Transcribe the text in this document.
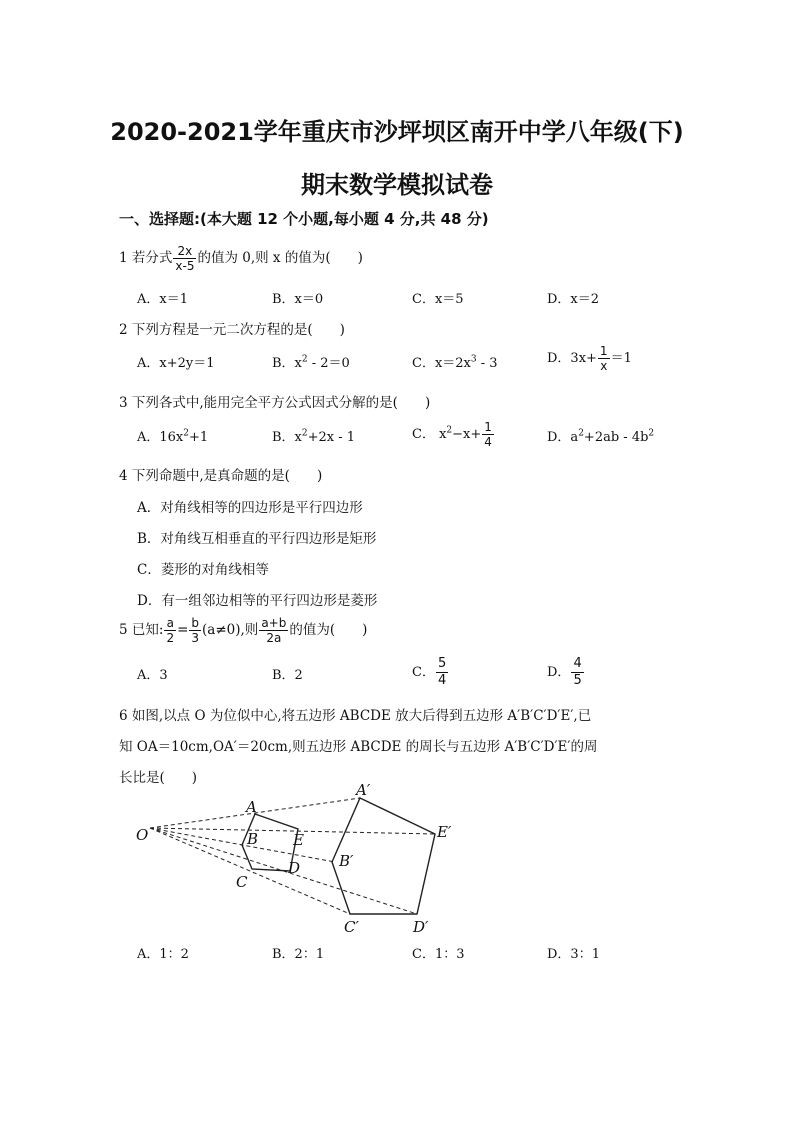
2020-2021学年重庆市沙坪坝区南开中学八年级(下)
期末数学模拟试卷
一、选择题:(本大题 12 个小题,每小题 4 分,共 48 分)
1 若分式 $\frac{2x}{x-5}$ 的值为 0,则 x 的值为(　　)
A．x＝1	B．x＝0	C．x＝5	D．x＝2
2 下列方程是一元二次方程的是(　　)
A．x+2y＝1	B．$x^2 - 2=0$	C．$x=2x^3 - 3$	D．$3x+ \frac{1}{x} =1$
3 下列各式中,能用完全平方公式因式分解的是(　　)
A．$16x^2+1$	B．$x^2+2x - 1$	C． $x^2-x+ \frac{1}{4}$	D．$a^2+2ab - 4b^2$
4 下列命题中,是真命题的是(　　)
A．对角线相等的四边形是平行四边形
B．对角线互相垂直的平行四边形是矩形
C．菱形的对角线相等
D．有一组邻边相等的平行四边形是菱形
5 已知: $\frac{a}{2} = \frac{b}{3} (a\ne 0)$,则 $\frac{a+b}{2a}$ 的值为(　　)
A．3	B．2	C． $\frac{5}{4}$	D． $\frac{4}{5}$
6 如图,以点 O 为位似中心,将五边形 ABCDE 放大后得到五边形 A′B′C′D′E′,已
知 OA＝10cm,OA′＝20cm,则五边形 ABCDE 的周长与五边形 A′B′C′D′E′的周
长比是(　　)
O
A
B
C
D
E
A′
B′
C′	D′
E′
A．1：2	B．2：1	C．1：3	D．3：1
